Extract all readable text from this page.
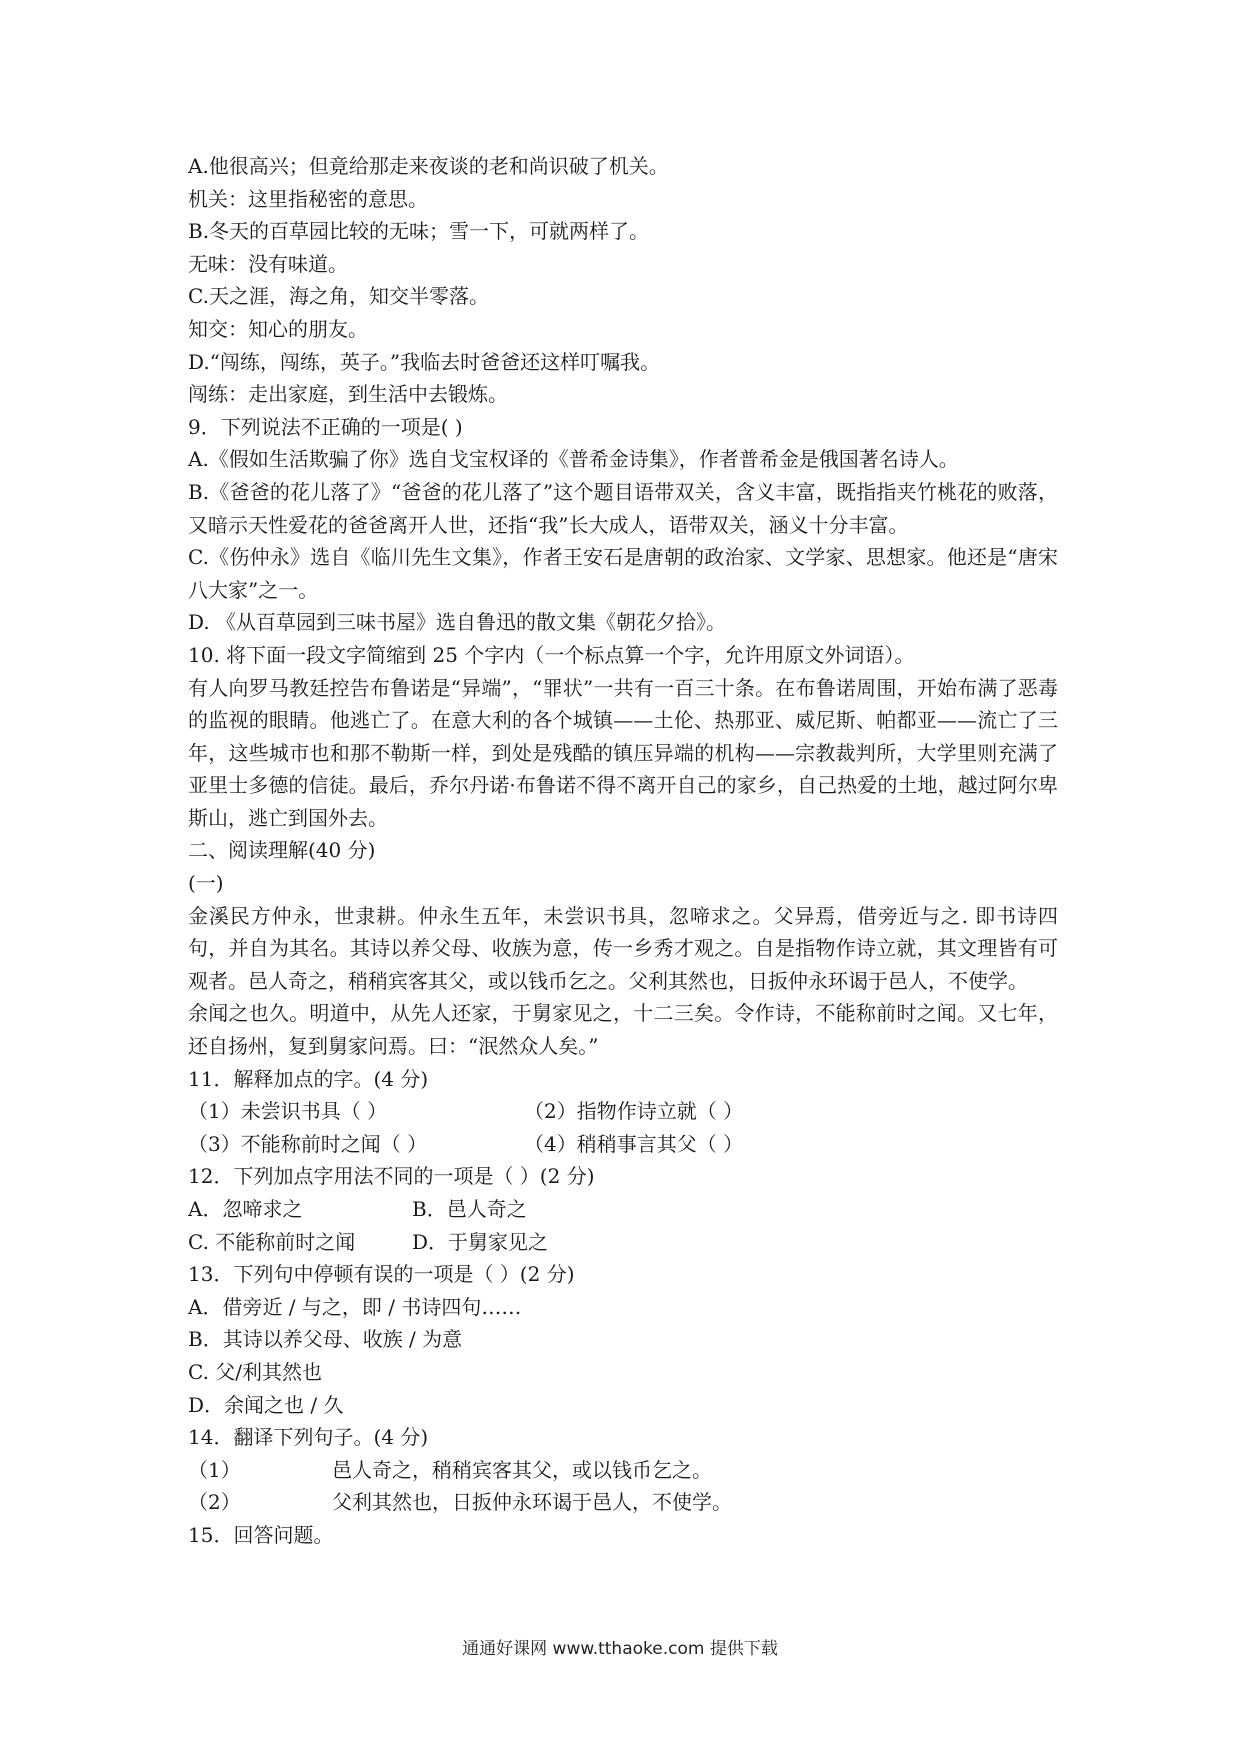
A.他很高兴；但竟给那走来夜谈的老和尚识破了机关。

机关：这里指秘密的意思。

B.冬天的百草园比较的无味；雪一下，可就两样了。

无味：没有味道。

C.天之涯，海之角，知交半零落。

知交：知心的朋友。

D.“闯练，闯练，英子。”我临去时爸爸还这样叮嘱我。

闯练：走出家庭，到生活中去锻炼。

9．下列说法不正确的一项是( )

A.《假如生活欺骗了你》选自戈宝权译的《普希金诗集》，作者普希金是俄国著名诗人。

B.《爸爸的花儿落了》“爸爸的花儿落了”这个题目语带双关，含义丰富，既指指夹竹桃花的败落，又暗示天性爱花的爸爸离开人世，还指“我”长大成人，语带双关，涵义十分丰富。

C.《伤仲永》选自《临川先生文集》，作者王安石是唐朝的政治家、文学家、思想家。他还是“唐宋八大家”之一。

D. 《从百草园到三味书屋》选自鲁迅的散文集《朝花夕拾》。

10. 将下面一段文字简缩到 25 个字内（一个标点算一个字，允许用原文外词语）。

有人向罗马教廷控告布鲁诺是“异端”，“罪状”一共有一百三十条。在布鲁诺周围，开始布满了恶毒的监视的眼睛。他逃亡了。在意大利的各个城镇——土伦、热那亚、威尼斯、帕都亚——流亡了三年，这些城市也和那不勒斯一样，到处是残酷的镇压异端的机构——宗教裁判所，大学里则充满了亚里士多德的信徒。最后，乔尔丹诺·布鲁诺不得不离开自己的家乡，自己热爱的土地，越过阿尔卑斯山，逃亡到国外去。

二、阅读理解(40 分)

(一)

金溪民方仲永，世隶耕。仲永生五年，未尝识书具，忽啼求之。父异焉，借旁近与之. 即书诗四句，并自为其名。其诗以养父母、收族为意，传一乡秀才观之。自是指物作诗立就，其文理皆有可观者。邑人奇之，稍稍宾客其父，或以钱币乞之。父利其然也，日扳仲永环谒于邑人，不使学。

余闻之也久。明道中，从先人还家，于舅家见之，十二三矣。令作诗，不能称前时之闻。又七年，还自扬州，复到舅家问焉。曰：“泯然众人矣。”

11．解释加点的字。(4 分)

（1）未尝识书具（ ）	（2）指物作诗立就（ ）
（3）不能称前时之闻（ ）	（4）稍稍事言其父（ ）

12．下列加点字用法不同的一项是（ ）(2 分)

A．忽啼求之	B．邑人奇之
C. 不能称前时之闻	D．于舅家见之

13．下列句中停顿有误的一项是（ ）(2 分)

A．借旁近 / 与之，即 / 书诗四句……

B．其诗以养父母、收族 / 为意

C. 父/利其然也

D．余闻之也 / 久

14．翻译下列句子。(4 分)

（1）	邑人奇之，稍稍宾客其父，或以钱币乞之。
（2）	父利其然也，日扳仲永环谒于邑人，不使学。

15．回答问题。

通通好课网 www.tthaoke.com 提供下载
